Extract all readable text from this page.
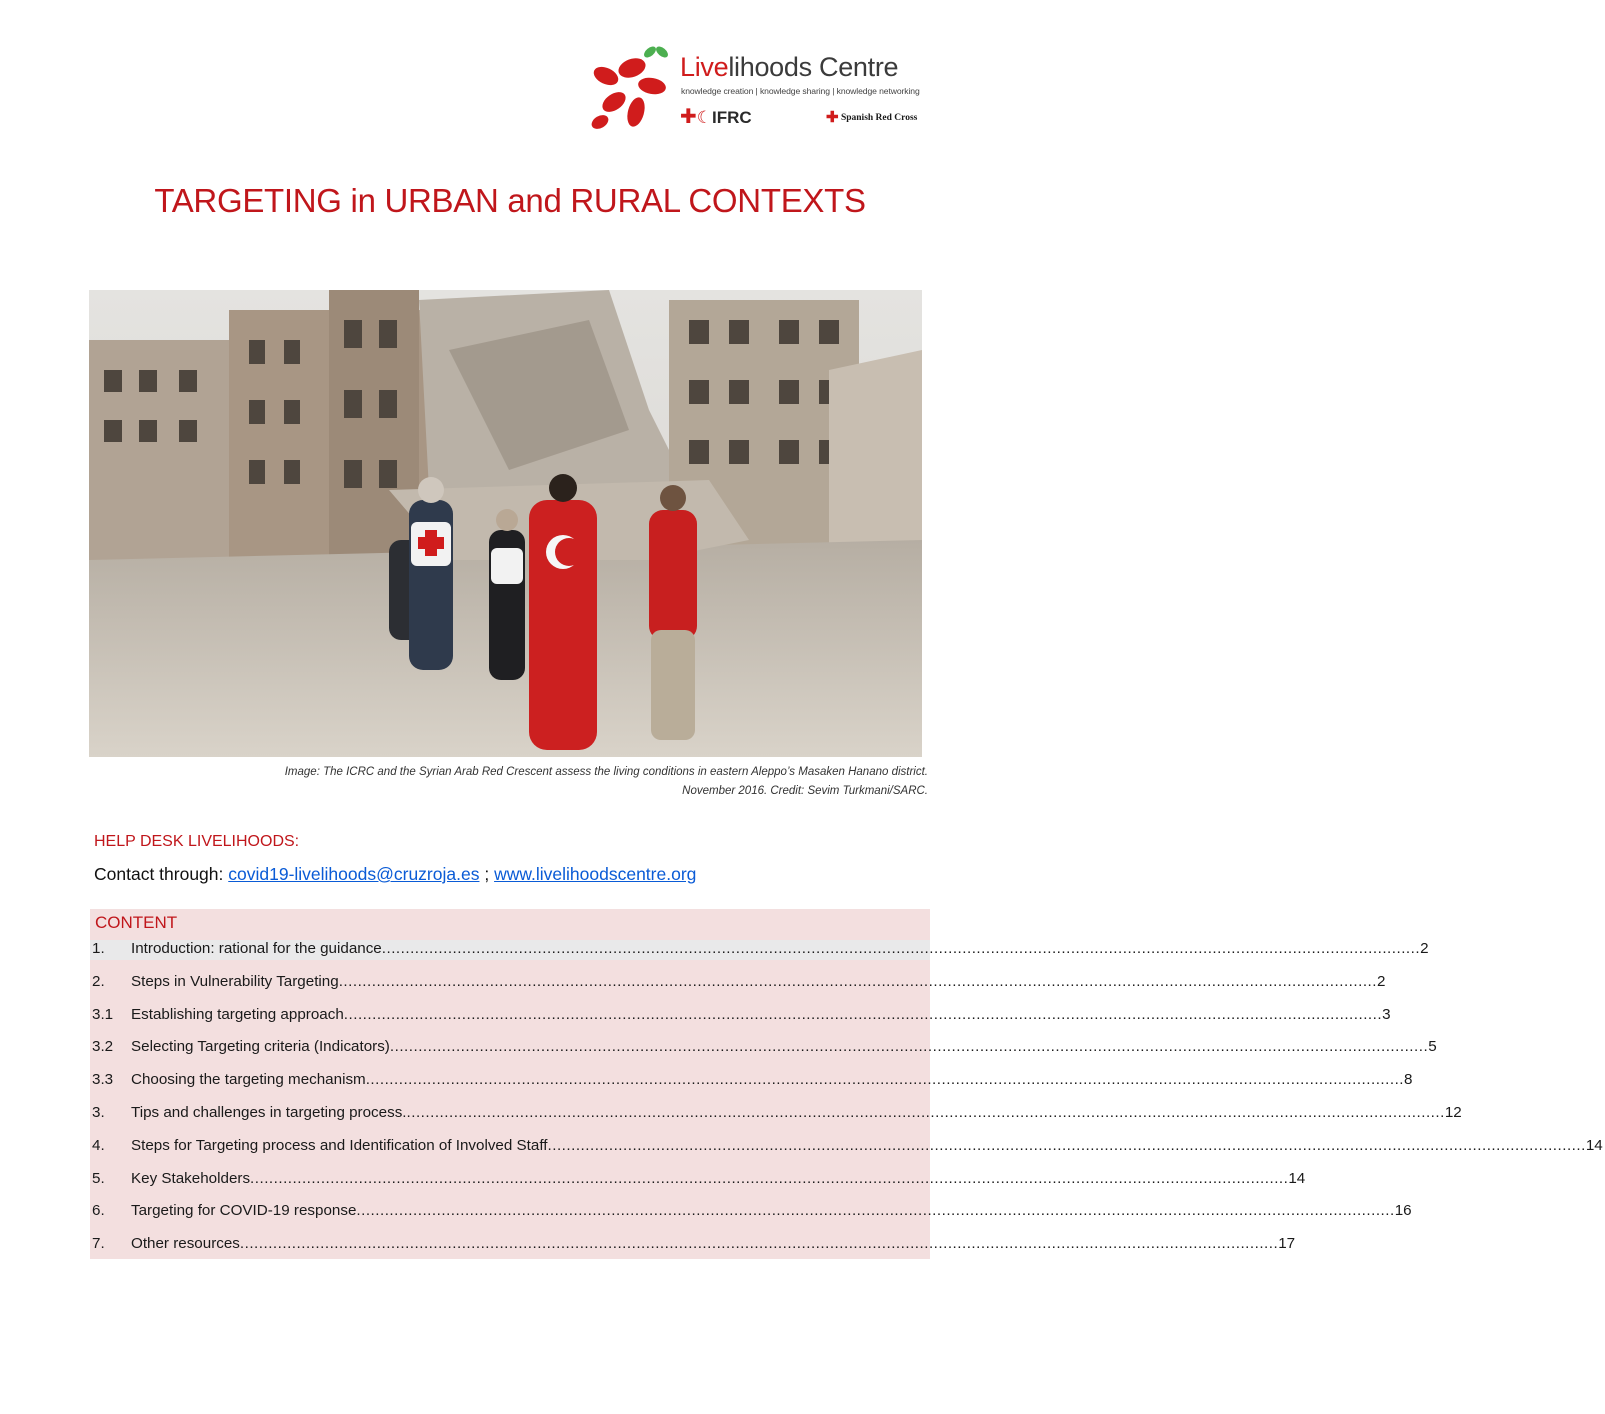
Livelihoods Centre
knowledge creation | knowledge sharing | knowledge networking
✚☾IFRC	✚ Spanish Red Cross
TARGETING in URBAN and RURAL CONTEXTS
Image: The ICRC and the Syrian Arab Red Crescent assess the living conditions in eastern Aleppo’s Masaken Hanano district.
November 2016. Credit: Sevim Turkmani/SARC.
HELP DESK LIVELIHOODS:
Contact through: covid19-livelihoods@cruzroja.es ; www.livelihoodscentre.org
CONTENT
1.	Introduction: rational for the guidance ............................................................................................................................................................................................................................ 2
2.	Steps in Vulnerability Targeting ............................................................................................................................................................................................................................ 2
3.1	Establishing targeting approach ............................................................................................................................................................................................................................ 3
3.2	Selecting Targeting criteria (Indicators) ............................................................................................................................................................................................................................ 5
3.3	Choosing the targeting mechanism ............................................................................................................................................................................................................................ 8
3.	Tips and challenges in targeting process. ............................................................................................................................................................................................................................ 12
4.	Steps for Targeting process and Identification of Involved Staff ............................................................................................................................................................................................................................ 14
5.	Key Stakeholders ............................................................................................................................................................................................................................ 14
6.	Targeting for COVID-19 response ............................................................................................................................................................................................................................ 16
7.	Other resources ............................................................................................................................................................................................................................ 17
